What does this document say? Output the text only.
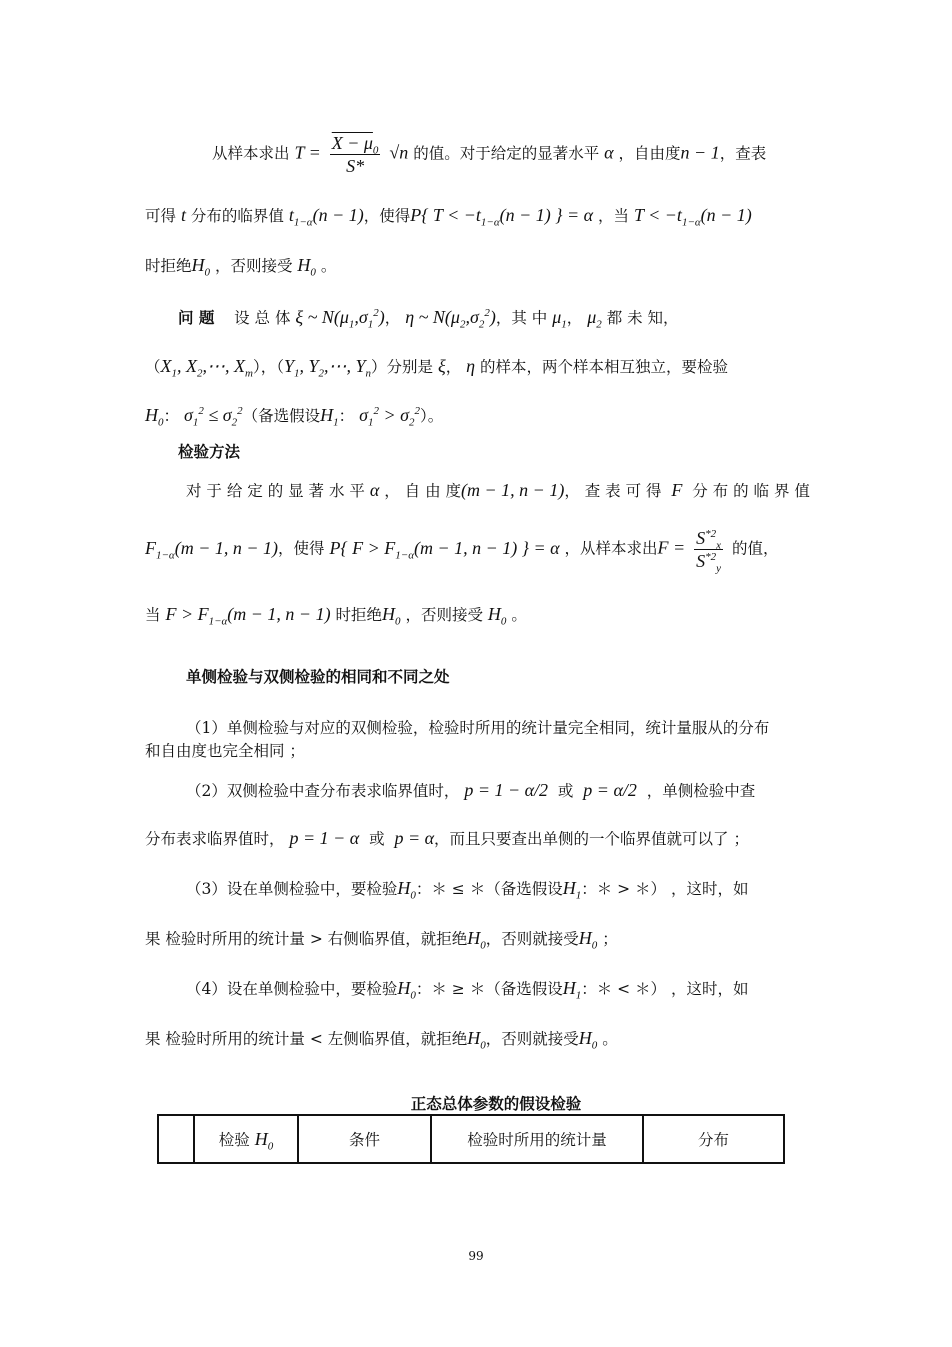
从样本求出 $T = \frac{X - \mu_0}{S*} √n$ 的值。对于给定的显著水平 α ，自由度n − 1，查表
可得 t 分布的临界值 $t_{1-\alpha}(n - 1)$，使得P{ $T < -t_{1-\alpha}(n - 1)$ } = α ，当 $T < -t_{1-\alpha}(n - 1)$
时拒绝$H_0$ ，否则接受 $H_0$ 。
问 题 设 总 体 ξ ~ $N(\mu_1,\sigma_1^2)$， η ~ $N(\mu_2,\sigma_2^2)$，其 中 $\mu_1$， $\mu_2$ 都 未 知，
（$X_1$, $X_2,\cdots$, $X_m$），（$Y_1$, $Y_2,\cdots$, $Y_n$）分别是 ξ， η 的样本，两个样本相互独立，要检验
$H_0$： $\sigma_1^2 \le \sigma_2^2$（备选假设$H_1$： $\sigma_1^2 > \sigma_2^2$）。
检验方法
对 于 给 定 的 显 著 水 平 α ， 自 由 度(m − 1, n − 1)， 查 表 可 得 F 分 布 的 临 界 值
$F_{1-\alpha}(m - 1$, n − 1)，使得 P{ $F > F_{1-\alpha}(m - 1$, n − 1) } = α ，从样本求出$F = \frac{S^{*2}_x}{S^{*2}_y}$ 的值，
当 $F > F_{1-\alpha}(m - 1$, n − 1) 时拒绝$H_0$ ，否则接受 $H_0$ 。
单侧检验与双侧检验的相同和不同之处
（1）单侧检验与对应的双侧检验，检验时所用的统计量完全相同，统计量服从的分布
和自由度也完全相同 ；
（2）双侧检验中查分布表求临界值时， p = 1 − α/2 或 p = α/2 ，单侧检验中查
分布表求临界值时， p = 1 − α 或 p = α，而且只要查出单侧的一个临界值就可以了 ；
（3）设在单侧检验中，要检验$H_0$：＊ ≤ ＊（备选假设$H_1$：＊ > ＊） ，这时，如
果 检验时所用的统计量 > 右侧临界值，就拒绝$H_0$，否则就接受$H_0$ ；
（4）设在单侧检验中，要检验$H_0$：＊ ≥ ＊（备选假设$H_1$：＊ < ＊） ，这时，如
果 检验时所用的统计量 < 左侧临界值，就拒绝$H_0$，否则就接受$H_0$ 。
正态总体参数的假设检验
	检验 $H_0$	条件	检验时所用的统计量	分布
99
